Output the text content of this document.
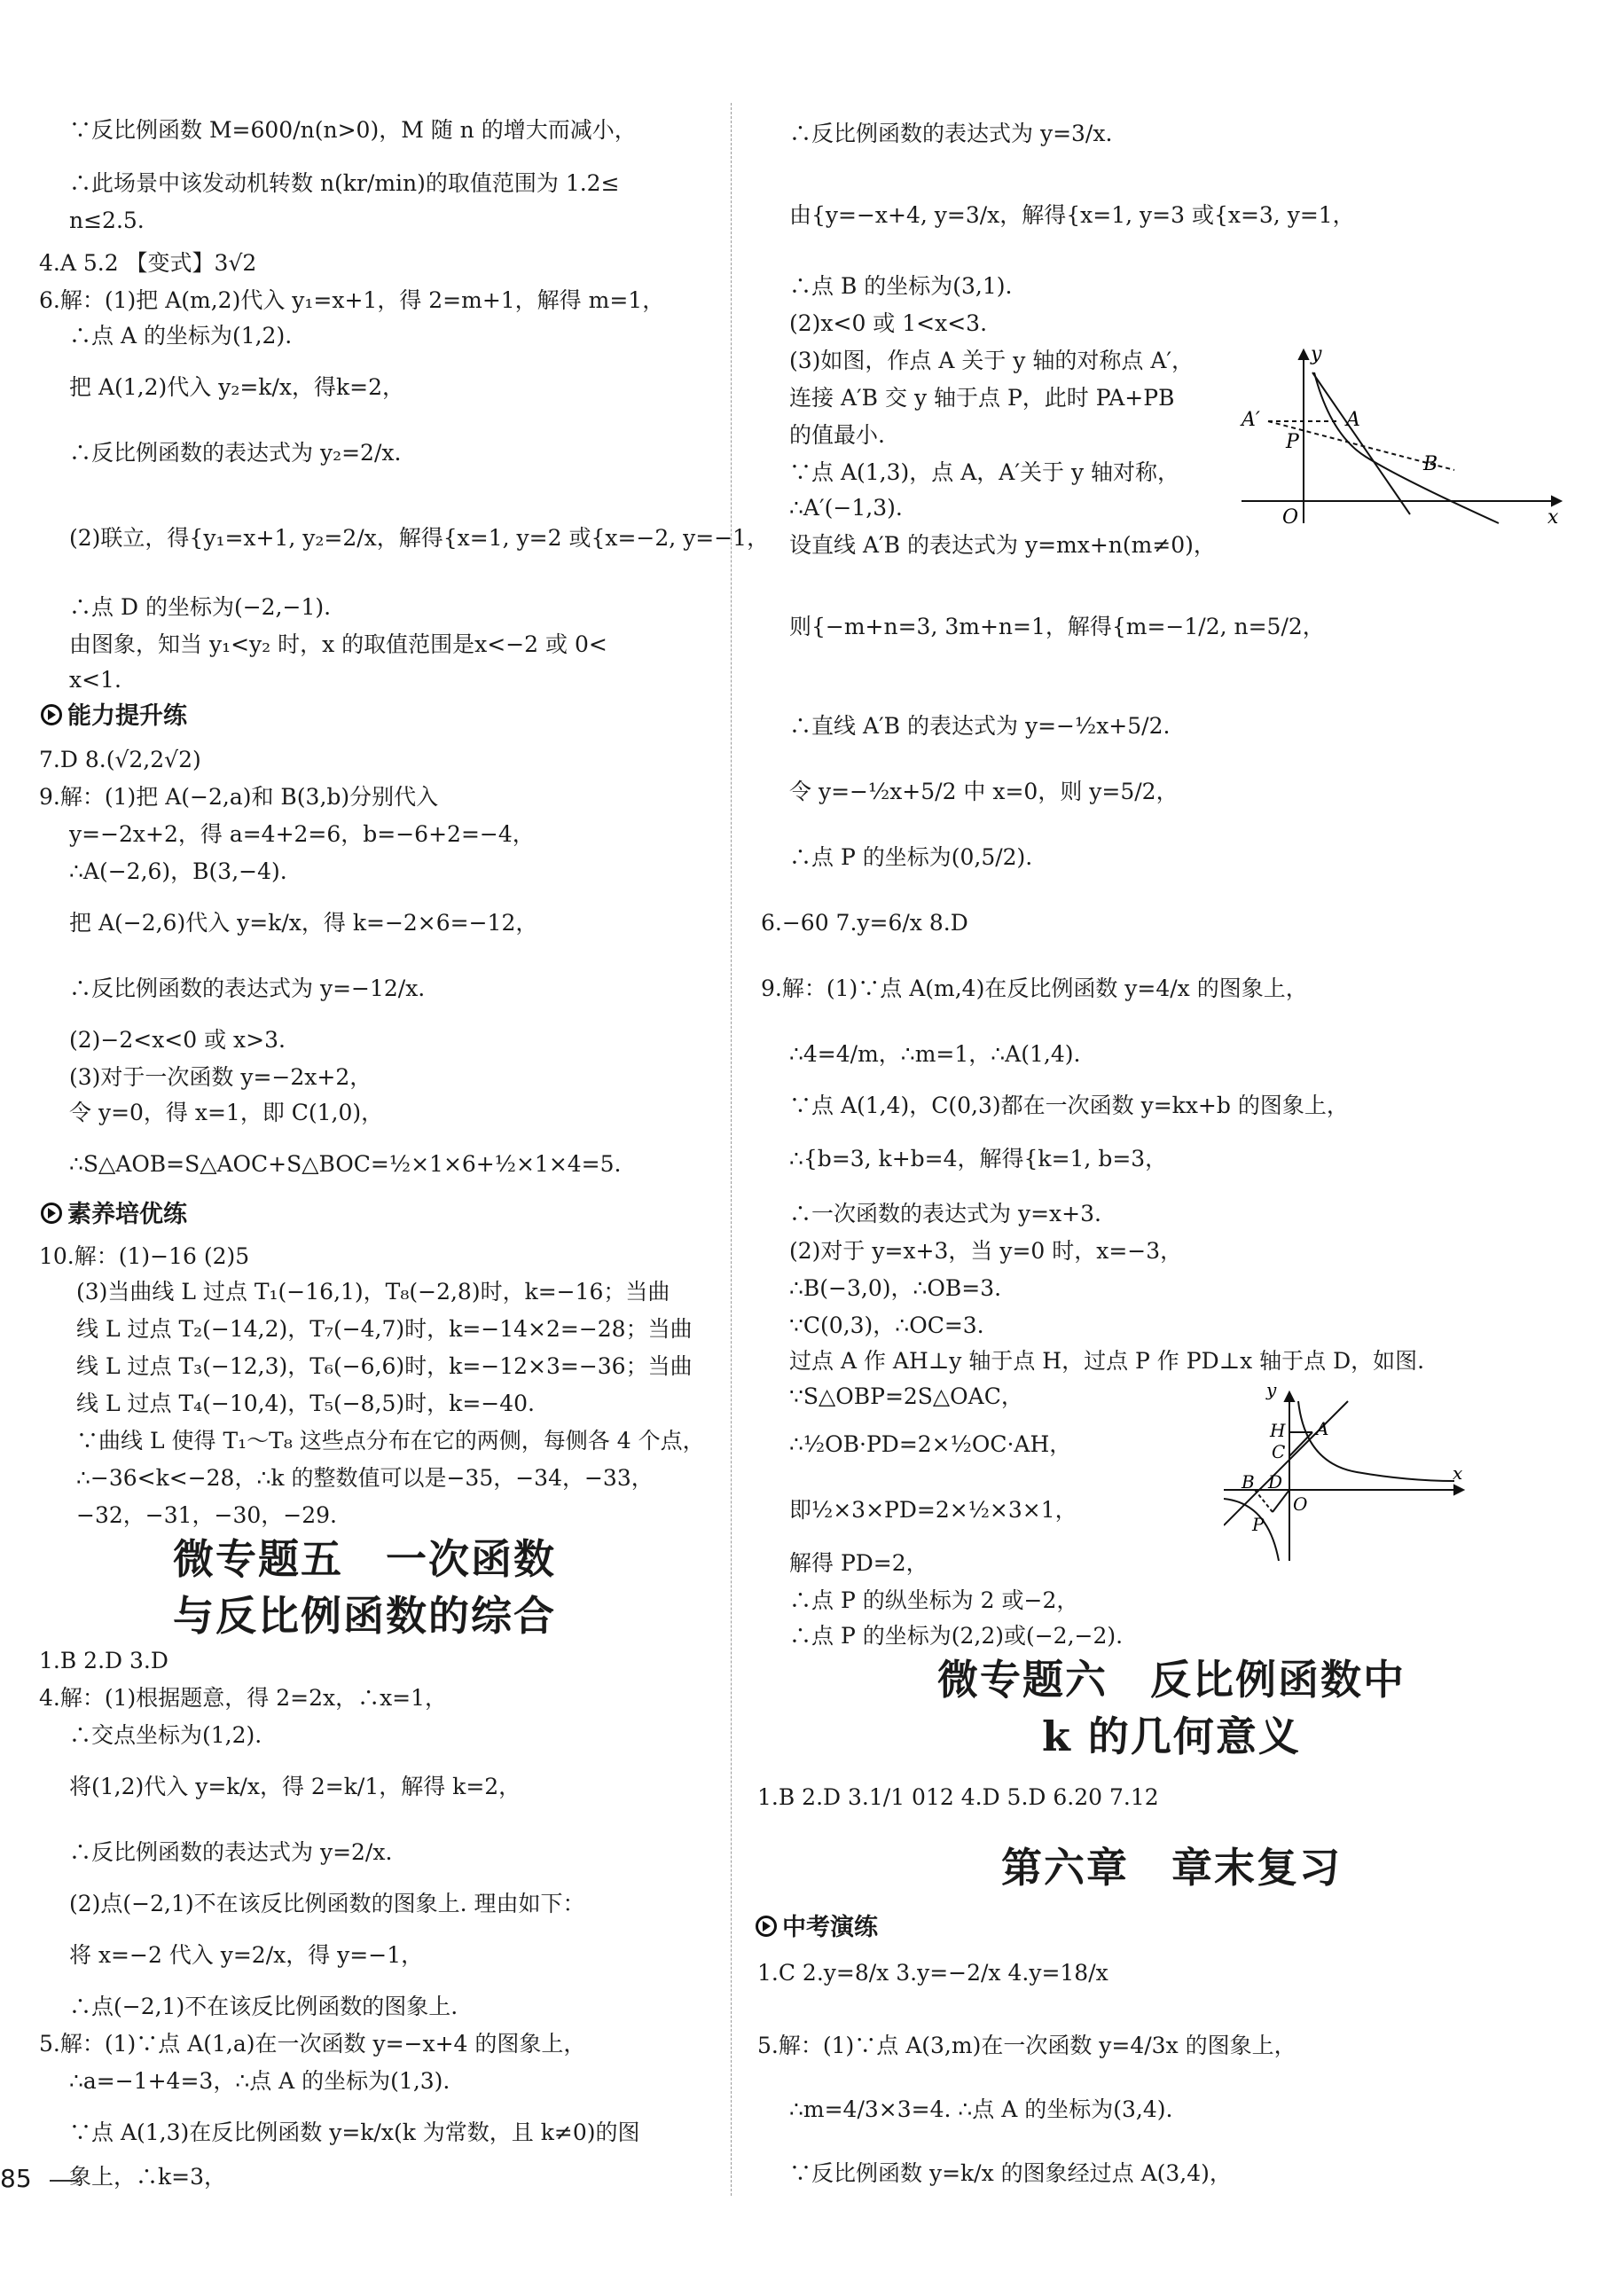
∵反比例函数 M=600/n(n>0)，M 随 n 的增大而减小，
∴此场景中该发动机转数 n(kr/min)的取值范围为 1.2≤
n≤2.5.
4.A 5.2 【变式】3√2
6.解：(1)把 A(m,2)代入 y₁=x+1，得 2=m+1，解得 m=1，
∴点 A 的坐标为(1,2).
把 A(1,2)代入 y₂=k/x，得k=2，
∴反比例函数的表达式为 y₂=2/x.
(2)联立，得{y₁=x+1, y₂=2/x，解得{x=1, y=2 或{x=−2, y=−1，
∴点 D 的坐标为(−2,−1).
由图象，知当 y₁<y₂ 时，x 的取值范围是x<−2 或 0<
x<1.
能力提升练
7.D 8.(√2,2√2)
9.解：(1)把 A(−2,a)和 B(3,b)分别代入
y=−2x+2，得 a=4+2=6，b=−6+2=−4，
∴A(−2,6)，B(3,−4).
把 A(−2,6)代入 y=k/x，得 k=−2×6=−12，
∴反比例函数的表达式为 y=−12/x.
(2)−2<x<0 或 x>3.
(3)对于一次函数 y=−2x+2，
令 y=0，得 x=1，即 C(1,0)，
∴S△AOB=S△AOC+S△BOC=½×1×6+½×1×4=5.
素养培优练
10.解：(1)−16 (2)5
(3)当曲线 L 过点 T₁(−16,1)，T₈(−2,8)时，k=−16；当曲
线 L 过点 T₂(−14,2)，T₇(−4,7)时，k=−14×2=−28；当曲
线 L 过点 T₃(−12,3)，T₆(−6,6)时，k=−12×3=−36；当曲
线 L 过点 T₄(−10,4)，T₅(−8,5)时，k=−40.
∵曲线 L 使得 T₁～T₈ 这些点分布在它的两侧，每侧各 4 个点，
∴−36<k<−28，∴k 的整数值可以是−35，−34，−33，
−32，−31，−30，−29.
微专题五　一次函数
与反比例函数的综合
1.B 2.D 3.D
4.解：(1)根据题意，得 2=2x，∴x=1，
∴交点坐标为(1,2).
将(1,2)代入 y=k/x，得 2=k/1，解得 k=2，
∴反比例函数的表达式为 y=2/x.
(2)点(−2,1)不在该反比例函数的图象上. 理由如下：
将 x=−2 代入 y=2/x，得 y=−1，
∴点(−2,1)不在该反比例函数的图象上.
5.解：(1)∵点 A(1,a)在一次函数 y=−x+4 的图象上，
∴a=−1+4=3，∴点 A 的坐标为(1,3).
∵点 A(1,3)在反比例函数 y=k/x(k 为常数，且 k≠0)的图
象上，∴k=3，
∴反比例函数的表达式为 y=3/x.
由{y=−x+4, y=3/x，解得{x=1, y=3 或{x=3, y=1，
∴点 B 的坐标为(3,1).
(2)x<0 或 1<x<3.
(3)如图，作点 A 关于 y 轴的对称点 A′，
连接 A′B 交 y 轴于点 P，此时 PA+PB
的值最小.
∵点 A(1,3)，点 A，A′关于 y 轴对称，
∴A′(−1,3).
设直线 A′B 的表达式为 y=mx+n(m≠0)，
则{−m+n=3, 3m+n=1，解得{m=−1/2, n=5/2，
∴直线 A′B 的表达式为 y=−½x+5/2.
令 y=−½x+5/2 中 x=0，则 y=5/2，
∴点 P 的坐标为(0,5/2).
6.−60 7.y=6/x 8.D
9.解：(1)∵点 A(m,4)在反比例函数 y=4/x 的图象上，
∴4=4/m，∴m=1，∴A(1,4).
∵点 A(1,4)，C(0,3)都在一次函数 y=kx+b 的图象上，
∴{b=3, k+b=4，解得{k=1, b=3，
∴一次函数的表达式为 y=x+3.
(2)对于 y=x+3，当 y=0 时，x=−3，
∴B(−3,0)，∴OB=3.
∵C(0,3)，∴OC=3.
过点 A 作 AH⊥y 轴于点 H，过点 P 作 PD⊥x 轴于点 D，如图.
∵S△OBP=2S△OAC，
∴½OB·PD=2×½OC·AH，
即½×3×PD=2×½×3×1，
解得 PD=2，
∴点 P 的纵坐标为 2 或−2，
∴点 P 的坐标为(2,2)或(−2,−2).
微专题六　反比例函数中
k 的几何意义
1.B 2.D 3.1/1 012 4.D 5.D 6.20 7.12
第六章　章末复习
中考演练
1.C 2.y=8/x 3.y=−2/x 4.y=18/x
5.解：(1)∵点 A(3,m)在一次函数 y=4/3x 的图象上，
∴m=4/3×3=4. ∴点 A 的坐标为(3,4).
∵反比例函数 y=k/x 的图象经过点 A(3,4)，
y
x
O
A
A′
P
B
y
x
O
H
C
A
B D
P
85
